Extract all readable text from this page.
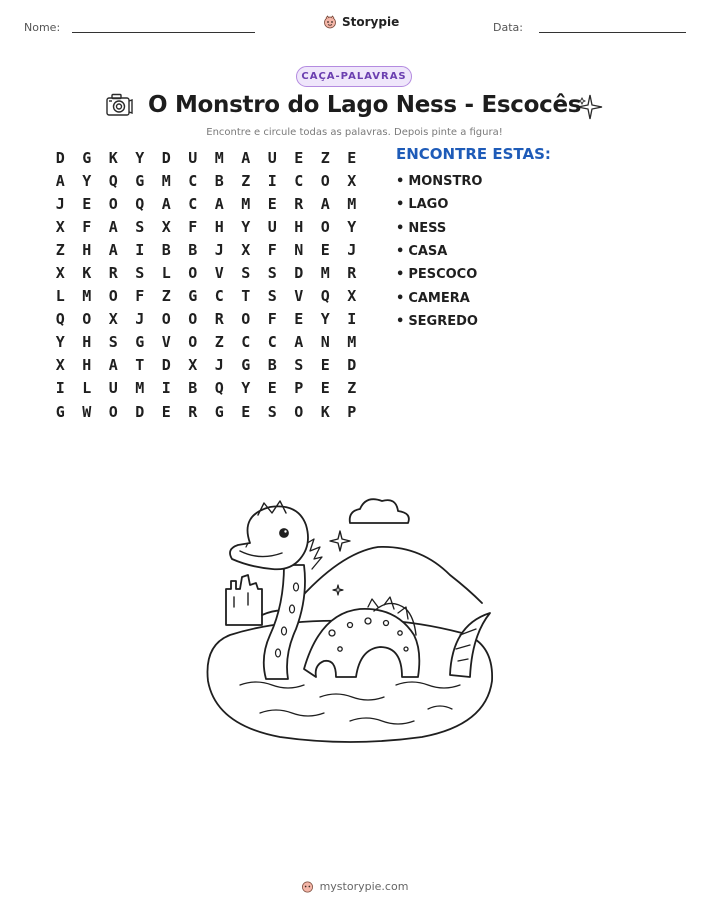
Nome:	Storypie	Data:
CAÇA-PALAVRAS
O Monstro do Lago Ness - Escocês
Encontre e circule todas as palavras. Depois pinte a figura!
D	G	K	Y	D	U	M	A	U	E	Z	E
A	Y	Q	G	M	C	B	Z	I	C	O	X
J	E	O	Q	A	C	A	M	E	R	A	M
X	F	A	S	X	F	H	Y	U	H	O	Y
Z	H	A	I	B	B	J	X	F	N	E	J
X	K	R	S	L	O	V	S	S	D	M	R
L	M	O	F	Z	G	C	T	S	V	Q	X
Q	O	X	J	O	O	R	O	F	E	Y	I
Y	H	S	G	V	O	Z	C	C	A	N	M
X	H	A	T	D	X	J	G	B	S	E	D
I	L	U	M	I	B	Q	Y	E	P	E	Z
G	W	O	D	E	R	G	E	S	O	K	P
ENCONTRE ESTAS:
• MONSTRO
• LAGO
• NESS
• CASA
• PESCOCO
• CAMERA
• SEGREDO
mystorypie.com
